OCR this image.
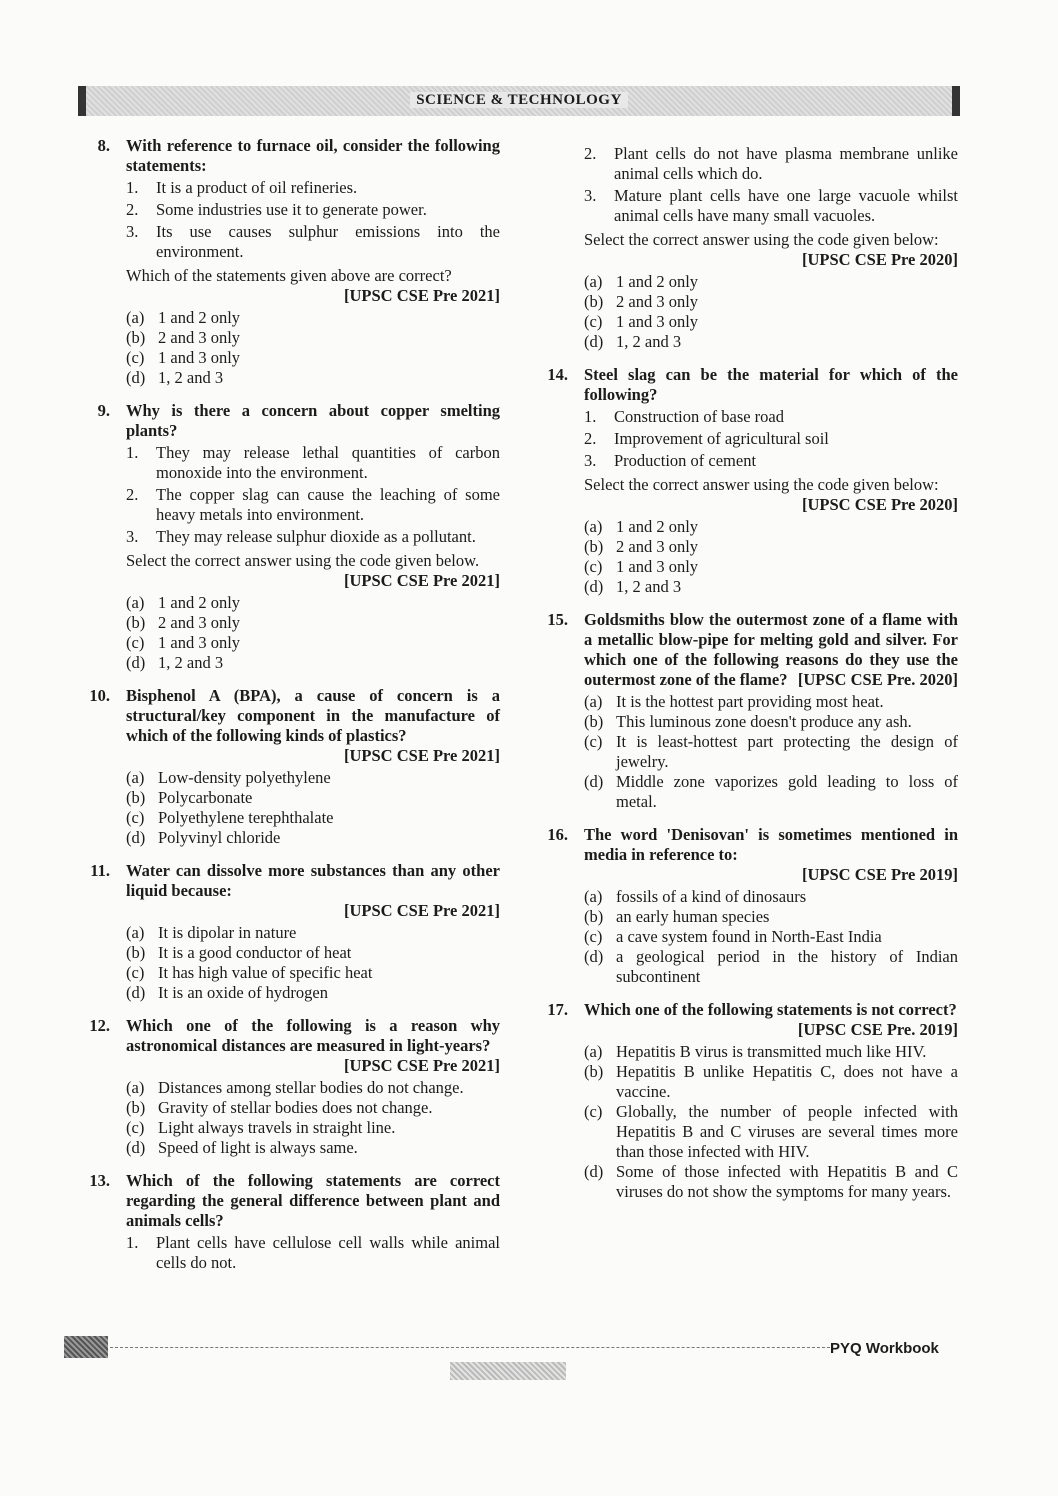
SCIENCE & TECHNOLOGY
8. With reference to furnace oil, consider the following statements:

1. It is a product of oil refineries.
2. Some industries use it to generate power.
3. Its use causes sulphur emissions into the environment.
Which of the statements given above are correct?
[UPSC CSE Pre 2021]
(a) 1 and 2 only
(b) 2 and 3 only
(c) 1 and 3 only
(d) 1, 2 and 3
9. Why is there a concern about copper smelting plants?

1. They may release lethal quantities of carbon monoxide into the environment.
2. The copper slag can cause the leaching of some heavy metals into environment.
3. They may release sulphur dioxide as a pollutant.
Select the correct answer using the code given below.
[UPSC CSE Pre 2021]
(a) 1 and 2 only
(b) 2 and 3 only
(c) 1 and 3 only
(d) 1, 2 and 3
10. Bisphenol A (BPA), a cause of concern is a structural/key component in the manufacture of which of the following kinds of plastics?
[UPSC CSE Pre 2021]

(a) Low-density polyethylene
(b) Polycarbonate
(c) Polyethylene terephthalate
(d) Polyvinyl chloride
11. Water can dissolve more substances than any other liquid because:

[UPSC CSE Pre 2021]
(a) It is dipolar in nature
(b) It is a good conductor of heat
(c) It has high value of specific heat
(d) It is an oxide of hydrogen
12. Which one of the following is a reason why astronomical distances are measured in light-years?
[UPSC CSE Pre 2021]

(a) Distances among stellar bodies do not change.
(b) Gravity of stellar bodies does not change.
(c) Light always travels in straight line.
(d) Speed of light is always same.
13. Which of the following statements are correct regarding the general difference between plant and animals cells?

1. Plant cells have cellulose cell walls while animal cells do not.
2. Plant cells do not have plasma membrane unlike animal cells which do.
3. Mature plant cells have one large vacuole whilst animal cells have many small vacuoles.
Select the correct answer using the code given below:
[UPSC CSE Pre 2020]
(a) 1 and 2 only
(b) 2 and 3 only
(c) 1 and 3 only
(d) 1, 2 and 3
14. Steel slag can be the material for which of the following?

1. Construction of base road
2. Improvement of agricultural soil
3. Production of cement
Select the correct answer using the code given below:
[UPSC CSE Pre 2020]
(a) 1 and 2 only
(b) 2 and 3 only
(c) 1 and 3 only
(d) 1, 2 and 3
15. Goldsmiths blow the outermost zone of a flame with a metallic blow-pipe for melting gold and silver. For which one of the following reasons do they use the outermost zone of the flame? [UPSC CSE Pre. 2020]

(a) It is the hottest part providing most heat.
(b) This luminous zone doesn't produce any ash.
(c) It is least-hottest part protecting the design of jewelry.
(d) Middle zone vaporizes gold leading to loss of metal.
16. The word 'Denisovan' is sometimes mentioned in media in reference to:

[UPSC CSE Pre 2019]
(a) fossils of a kind of dinosaurs
(b) an early human species
(c) a cave system found in North-East India
(d) a geological period in the history of Indian subcontinent
17. Which one of the following statements is not correct?
[UPSC CSE Pre. 2019]

(a) Hepatitis B virus is transmitted much like HIV.
(b) Hepatitis B unlike Hepatitis C, does not have a vaccine.
(c) Globally, the number of people infected with Hepatitis B and C viruses are several times more than those infected with HIV.
(d) Some of those infected with Hepatitis B and C viruses do not show the symptoms for many years.
PYQ Workbook
